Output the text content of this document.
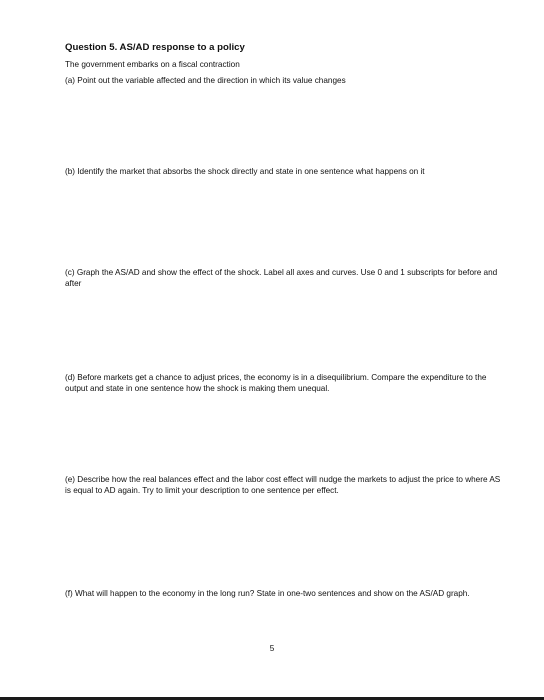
Question 5. AS/AD response to a policy
The government embarks on a fiscal contraction
(a) Point out the variable affected and the direction in which its value changes
(b) Identify the market that absorbs the shock directly and state in one sentence what happens on it
(c) Graph the AS/AD and show the effect of the shock. Label all axes and curves. Use 0 and 1 subscripts for before and after
(d) Before markets get a chance to adjust prices, the economy is in a disequilibrium. Compare the expenditure to the output and state in one sentence how the shock is making them unequal.
(e) Describe how the real balances effect and the labor cost effect will nudge the markets to adjust the price to where AS is equal to AD again. Try to limit your description to one sentence per effect.
(f) What will happen to the economy in the long run? State in one-two sentences and show on the AS/AD graph.
5
